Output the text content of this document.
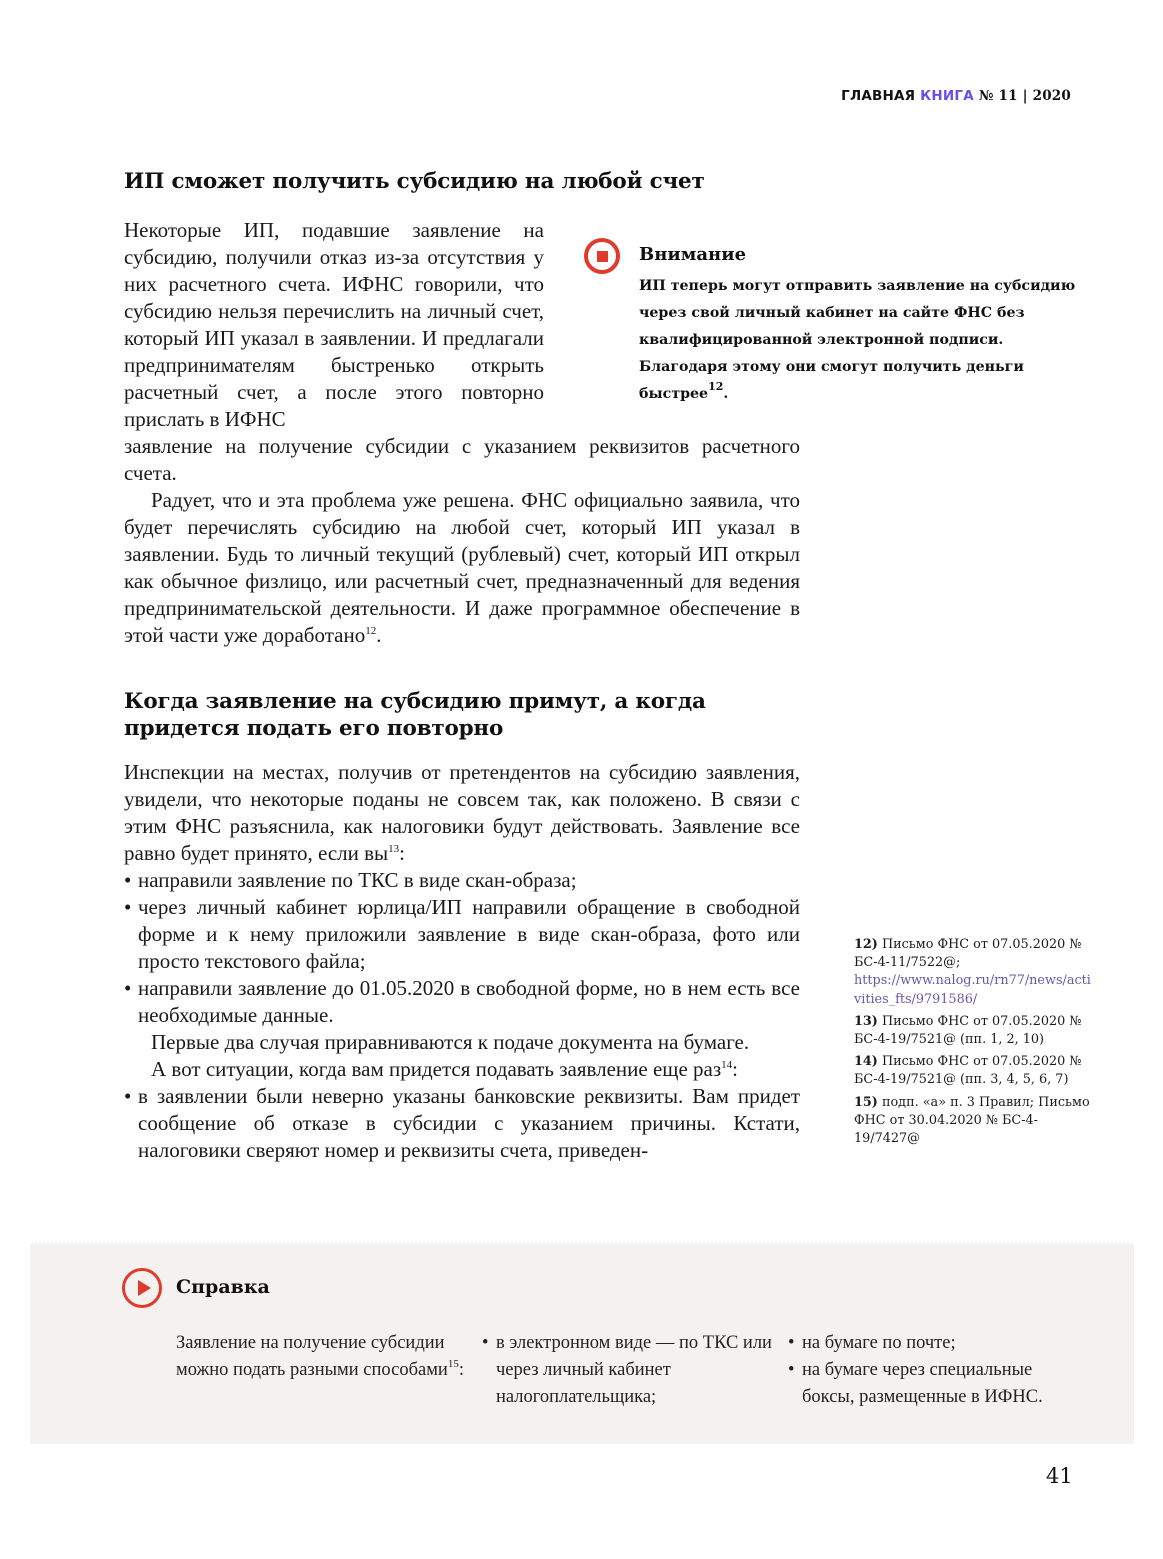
ГЛАВНАЯ КНИГА № 11 | 2020
ИП сможет получить субсидию на любой счет

Некоторые ИП, подавшие заявление на субсидию, получили отказ из-за отсутствия у них расчетного счета. ИФНС говорили, что субсидию нельзя перечислить на личный счет, который ИП указал в заявлении. И предлагали предпринимателям быстренько открыть расчетный счет, а после этого повторно прислать в ИФНС

Внимание
ИП теперь могут отправить заявление на субсидию через свой личный кабинет на сайте ФНС без квалифицированной электронной подписи. Благодаря этому они смогут получить деньги быстрее$^{12}$.

заявление на получение субсидии с указанием реквизитов расчетного счета.

Радует, что и эта проблема уже решена. ФНС официально заявила, что будет перечислять субсидию на любой счет, который ИП указал в заявлении. Будь то личный текущий (рублевый) счет, который ИП открыл как обычное физлицо, или расчетный счет, предназначенный для ведения предпринимательской деятельности. И даже программное обеспечение в этой части уже доработано$^{12}$.

Когда заявление на субсидию примут, а когда придется подать его повторно

Инспекции на местах, получив от претендентов на субсидию заявления, увидели, что некоторые поданы не совсем так, как положено. В связи с этим ФНС разъяснила, как налоговики будут действовать. Заявление все равно будет принято, если $вы^{13}$:

• направили заявление по ТКС в виде скан-образа;
• через личный кабинет юрлица/ИП направили обращение в свободной форме и к нему приложили заявление в виде скан-образа, фото или просто текстового файла;
• направили заявление до 01.05.2020 в свободной форме, но в нем есть все необходимые данные.

Первые два случая приравниваются к подаче документа на бумаге.

А вот ситуации, когда вам придется подавать заявление еще раз$^{14}$:

• в заявлении были неверно указаны банковские реквизиты. Вам придет сообщение об отказе в субсидии с указанием причины. Кстати, налоговики сверяют номер и реквизиты счета, приведен-
12) Письмо ФНС от 07.05.2020 № БС-4-11/7522@;
https://www.nalog.ru/rn77/news/activities_fts/9791586/
13) Письмо ФНС от 07.05.2020 № БС-4-19/7521@ (пп. 1, 2, 10)
14) Письмо ФНС от 07.05.2020 № БС-4-19/7521@ (пп. 3, 4, 5, 6, 7)
15) подп. «а» п. 3 Правил; Письмо ФНС от 30.04.2020 № БС-4-19/7427@
Справка
Заявление на получение субсидии можно подать разными способами$^{15}$:
• в электронном виде — по ТКС или через личный кабинет налогоплательщика;
• на бумаге по почте;
• на бумаге через специальные боксы, размещенные в ИФНС.
41
